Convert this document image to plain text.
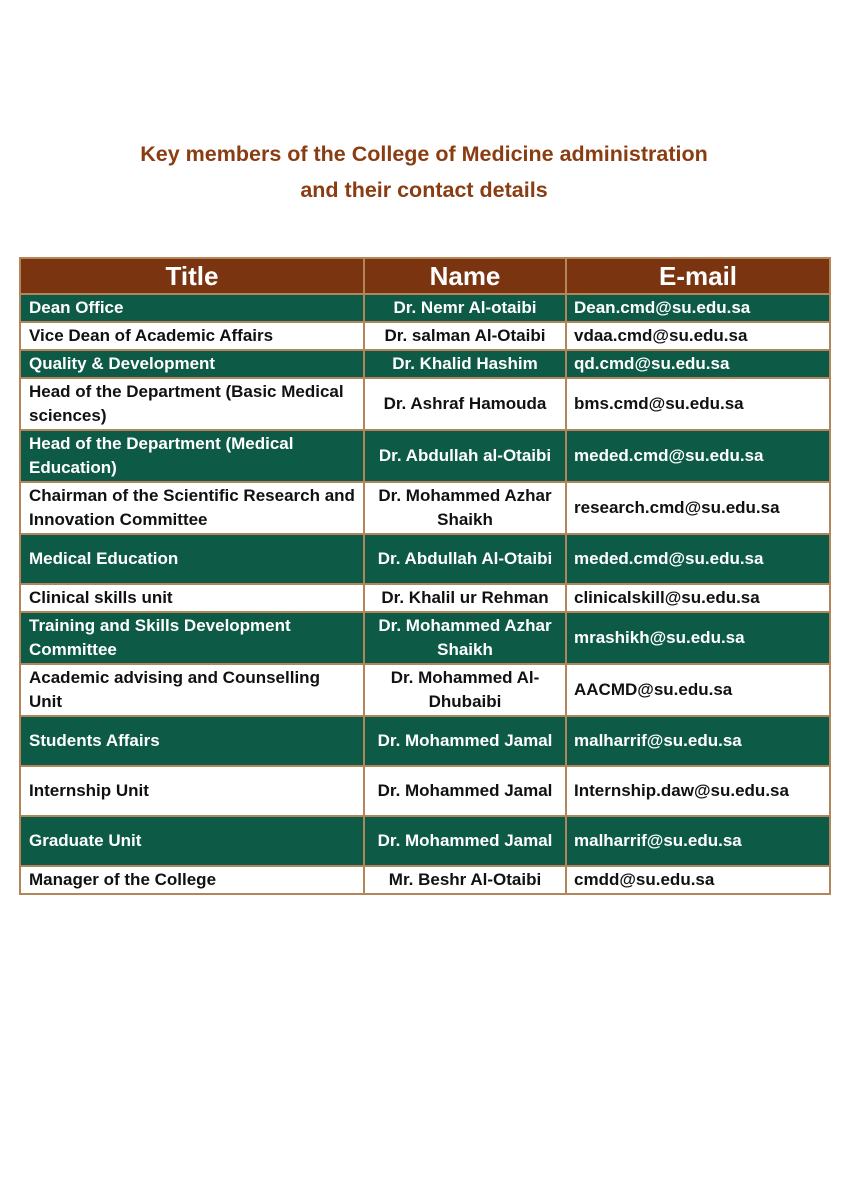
Key members of the College of Medicine administration
and their contact details
Title	Name	E-mail
Dean Office	Dr. Nemr Al-otaibi	Dean.cmd@su.edu.sa
Vice Dean of Academic Affairs	Dr. salman Al-Otaibi	vdaa.cmd@su.edu.sa
Quality & Development	Dr. Khalid Hashim	qd.cmd@su.edu.sa
Head of the Department (Basic Medical sciences)	Dr. Ashraf Hamouda	bms.cmd@su.edu.sa
Head of the Department (Medical Education)	Dr. Abdullah al-Otaibi	meded.cmd@su.edu.sa
Chairman of the Scientific Research and Innovation Committee	Dr. Mohammed Azhar Shaikh	research.cmd@su.edu.sa
Medical Education	Dr. Abdullah Al-Otaibi	meded.cmd@su.edu.sa
Clinical skills unit	Dr. Khalil ur Rehman	clinicalskill@su.edu.sa
Training and Skills Development Committee	Dr. Mohammed Azhar Shaikh	mrashikh@su.edu.sa
Academic advising and Counselling Unit	Dr. Mohammed Al-Dhubaibi	AACMD@su.edu.sa
Students Affairs	Dr. Mohammed Jamal	malharrif@su.edu.sa
Internship Unit	Dr. Mohammed Jamal	Internship.daw@su.edu.sa
Graduate Unit	Dr. Mohammed Jamal	malharrif@su.edu.sa
Manager of the College	Mr. Beshr Al-Otaibi	cmdd@su.edu.sa
